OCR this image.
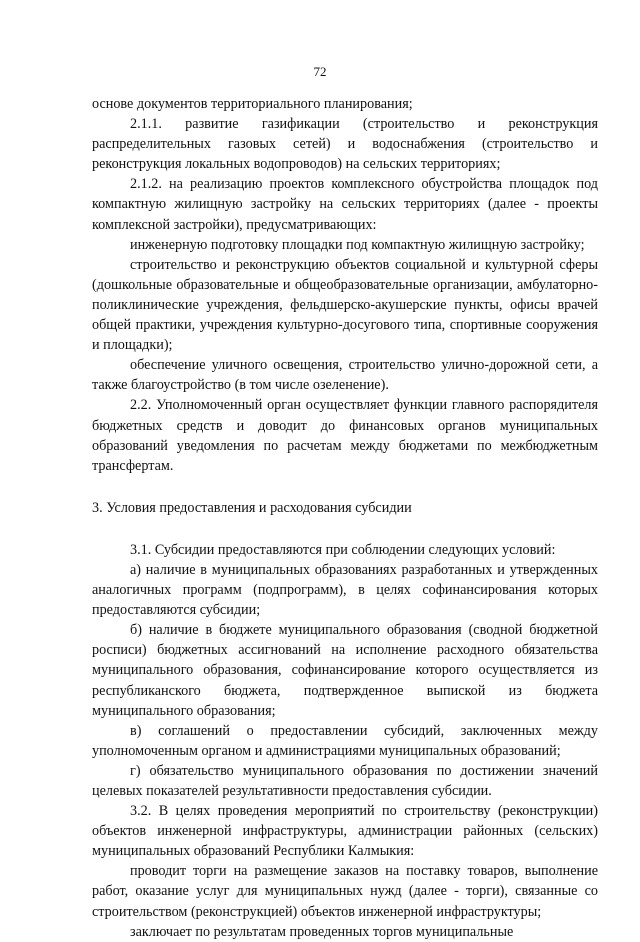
72

основе документов территориального планирования;

2.1.1. развитие газификации (строительство и реконструкция распределительных газовых сетей) и водоснабжения (строительство и реконструкция локальных водопроводов) на сельских территориях;

2.1.2. на реализацию проектов комплексного обустройства площадок под компактную жилищную застройку на сельских территориях (далее - проекты комплексной застройки), предусматривающих:

инженерную подготовку площадки под компактную жилищную застройку;

строительство и реконструкцию объектов социальной и культурной сферы (дошкольные образовательные и общеобразовательные организации, амбулаторно-поликлинические учреждения, фельдшерско-акушерские пункты, офисы врачей общей практики, учреждения культурно-досугового типа, спортивные сооружения и площадки);

обеспечение уличного освещения, строительство улично-дорожной сети, а также благоустройство (в том числе озеленение).

2.2. Уполномоченный орган осуществляет функции главного распорядителя бюджетных средств и доводит до финансовых органов муниципальных образований уведомления по расчетам между бюджетами по межбюджетным трансфертам.

3. Условия предоставления и расходования субсидии

3.1. Субсидии предоставляются при соблюдении следующих условий:

а) наличие в муниципальных образованиях разработанных и утвержденных аналогичных программ (подпрограмм), в целях софинансирования которых предоставляются субсидии;

б) наличие в бюджете муниципального образования (сводной бюджетной росписи) бюджетных ассигнований на исполнение расходного обязательства муниципального образования, софинансирование которого осуществляется из республиканского бюджета, подтвержденное выпиской из бюджета муниципального образования;

в) соглашений о предоставлении субсидий, заключенных между уполномоченным органом и администрациями муниципальных образований;

г) обязательство муниципального образования по достижении значений целевых показателей результативности предоставления субсидии.

3.2. В целях проведения мероприятий по строительству (реконструкции) объектов инженерной инфраструктуры, администрации районных (сельских) муниципальных образований Республики Калмыкия:

проводит торги на размещение заказов на поставку товаров, выполнение работ, оказание услуг для муниципальных нужд (далее - торги), связанные со строительством (реконструкцией) объектов инженерной инфраструктуры;

заключает по результатам проведенных торгов муниципальные
